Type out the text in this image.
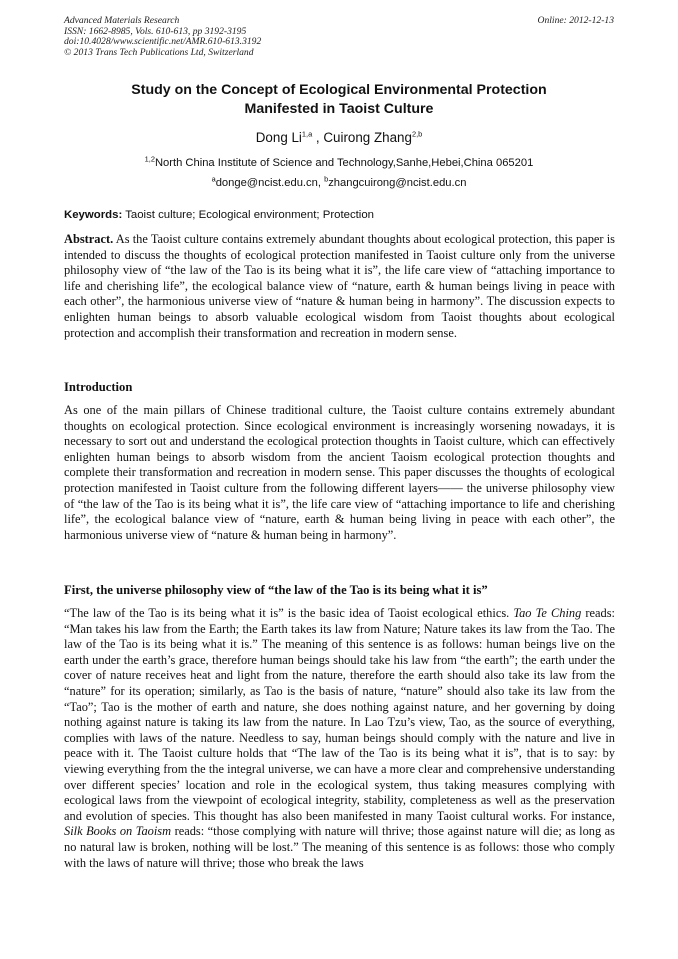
Advanced Materials Research
ISSN: 1662-8985, Vols. 610-613, pp 3192-3195
doi:10.4028/www.scientific.net/AMR.610-613.3192
© 2013 Trans Tech Publications Ltd, Switzerland
Online: 2012-12-13
Study on the Concept of Ecological Environmental Protection
Manifested in Taoist Culture
Dong Li$^{1,a}$ , Cuirong Zhang$^{2,b}$
$^{1,2}$North China Institute of Science and Technology,Sanhe,Hebei,China 065201
$^a$donge@ncist.edu.cn, $^b$zhangcuirong@ncist.edu.cn
Keywords: Taoist culture; Ecological environment; Protection
Abstract. As the Taoist culture contains extremely abundant thoughts about ecological protection, this paper is intended to discuss the thoughts of ecological protection manifested in Taoist culture only from the universe philosophy view of “the law of the Tao is its being what it is”, the life care view of “attaching importance to life and cherishing life”, the ecological balance view of “nature, earth & human beings living in peace with each other”, the harmonious universe view of “nature & human being in harmony”. The discussion expects to enlighten human beings to absorb valuable ecological wisdom from Taoist thoughts about ecological protection and accomplish their transformation and recreation in modern sense.
Introduction
As one of the main pillars of Chinese traditional culture, the Taoist culture contains extremely abundant thoughts on ecological protection. Since ecological environment is increasingly worsening nowadays, it is necessary to sort out and understand the ecological protection thoughts in Taoist culture, which can effectively enlighten human beings to absorb wisdom from the ancient Taoism ecological protection thoughts and complete their transformation and recreation in modern sense. This paper discusses the thoughts of ecological protection manifested in Taoist culture from the following different layers—— the universe philosophy view of “the law of the Tao is its being what it is”, the life care view of “attaching importance to life and cherishing life”, the ecological balance view of “nature, earth & human being living in peace with each other”, the harmonious universe view of “nature & human being in harmony”.
First, the universe philosophy view of “the law of the Tao is its being what it is”
“The law of the Tao is its being what it is” is the basic idea of Taoist ecological ethics. Tao Te Ching reads: “Man takes his law from the Earth; the Earth takes its law from Nature; Nature takes its law from the Tao. The law of the Tao is its being what it is.” The meaning of this sentence is as follows: human beings live on the earth under the earth’s grace, therefore human beings should take his law from “the earth”; the earth under the cover of nature receives heat and light from the nature, therefore the earth should also take its law from the “nature” for its operation; similarly, as Tao is the basis of nature, “nature” should also take its law from the “Tao”; Tao is the mother of earth and nature, she does nothing against nature, and her governing by doing nothing against nature is taking its law from the nature. In Lao Tzu’s view, Tao, as the source of everything, complies with laws of the nature. Needless to say, human beings should comply with the nature and live in peace with it. The Taoist culture holds that “The law of the Tao is its being what it is”, that is to say: by viewing everything from the the integral universe, we can have a more clear and comprehensive understanding over different species’ location and role in the ecological system, thus taking measures complying with ecological laws from the viewpoint of ecological integrity, stability, completeness as well as the preservation and evolution of species. This thought has also been manifested in many Taoist cultural works. For instance, Silk Books on Taoism reads: “those complying with nature will thrive; those against nature will die; as long as no natural law is broken, nothing will be lost.” The meaning of this sentence is as follows: those who comply with the laws of nature will thrive; those who break the laws
